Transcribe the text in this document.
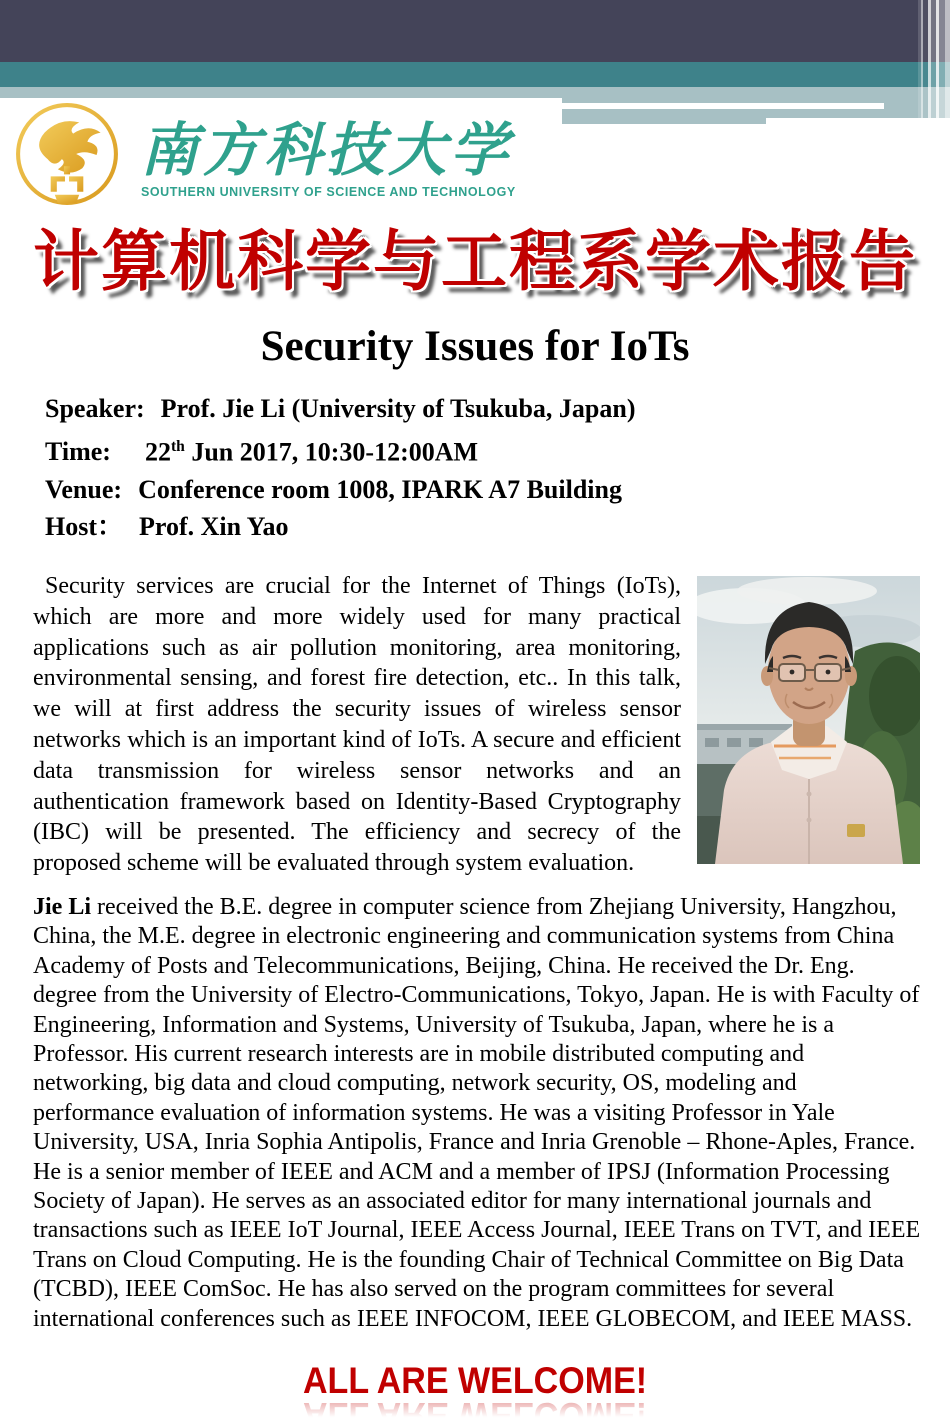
南方科技大学
SOUTHERN UNIVERSITY OF SCIENCE AND TECHNOLOGY
计算机科学与工程系学术报告
Security Issues for IoTs
Speaker: Prof. Jie Li (University of Tsukuba, Japan)
Time: 22th Jun 2017, 10:30-12:00AM
Venue: Conference room 1008, IPARK A7 Building
Host： Prof. Xin Yao

Security services are crucial for the Internet of Things (IoTs), which are more and more widely used for many practical applications such as air pollution monitoring, area monitoring, environmental sensing, and forest fire detection, etc.. In this talk, we will at first address the security issues of wireless sensor networks which is an important kind of IoTs. A secure and efficient data transmission for wireless sensor networks and an authentication framework based on Identity-Based Cryptography (IBC) will be presented. The efficiency and secrecy of the proposed scheme will be evaluated through system evaluation.

Jie Li received the B.E. degree in computer science from Zhejiang University, Hangzhou, China, the M.E. degree in electronic engineering and communication systems from China Academy of Posts and Telecommunications, Beijing, China. He received the Dr. Eng. degree from the University of Electro-Communications, Tokyo, Japan. He is with Faculty of Engineering, Information and Systems, University of Tsukuba, Japan, where he is a Professor. His current research interests are in mobile distributed computing and networking, big data and cloud computing, network security, OS, modeling and performance evaluation of information systems. He was a visiting Professor in Yale University, USA, Inria Sophia Antipolis, France and Inria Grenoble – Rhone-Aples, France. He is a senior member of IEEE and ACM and a member of IPSJ (Information Processing Society of Japan). He serves as an associated editor for many international journals and transactions such as IEEE IoT Journal, IEEE Access Journal, IEEE Trans on TVT, and IEEE Trans on Cloud Computing. He is the founding Chair of Technical Committee on Big Data (TCBD), IEEE ComSoc. He has also served on the program committees for several international conferences such as IEEE INFOCOM, IEEE GLOBECOM, and IEEE MASS.
ALL ARE WELCOME!
